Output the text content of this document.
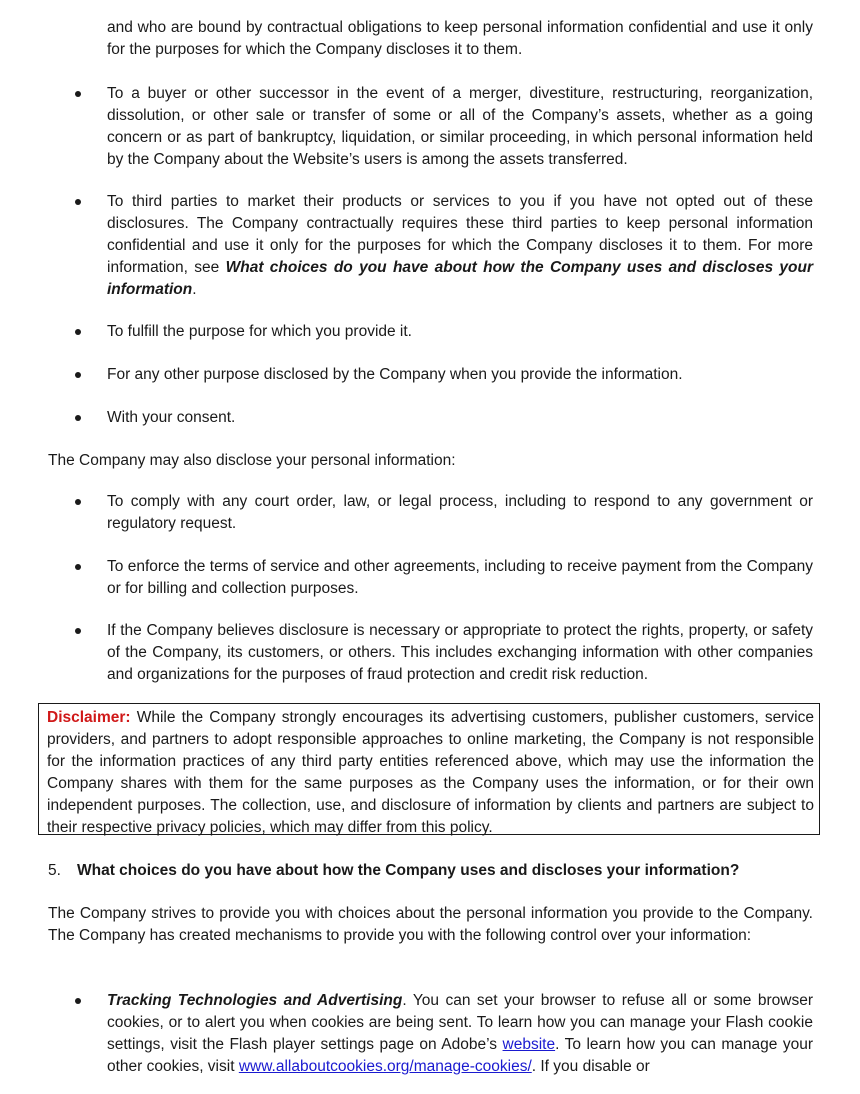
and who are bound by contractual obligations to keep personal information confidential and use it only for the purposes for which the Company discloses it to them.

To a buyer or other successor in the event of a merger, divestiture, restructuring, reorganization, dissolution, or other sale or transfer of some or all of the Company’s assets, whether as a going concern or as part of bankruptcy, liquidation, or similar proceeding, in which personal information held by the Company about the Website’s users is among the assets transferred.
To third parties to market their products or services to you if you have not opted out of these disclosures. The Company contractually requires these third parties to keep personal information confidential and use it only for the purposes for which the Company discloses it to them. For more information, see What choices do you have about how the Company uses and discloses your information.
To fulfill the purpose for which you provide it.
For any other purpose disclosed by the Company when you provide the information.
With your consent.

The Company may also disclose your personal information:

To comply with any court order, law, or legal process, including to respond to any government or regulatory request.
To enforce the terms of service and other agreements, including to receive payment from the Company or for billing and collection purposes.
If the Company believes disclosure is necessary or appropriate to protect the rights, property, or safety of the Company, its customers, or others. This includes exchanging information with other companies and organizations for the purposes of fraud protection and credit risk reduction.

Disclaimer: While the Company strongly encourages its advertising customers, publisher customers, service providers, and partners to adopt responsible approaches to online marketing, the Company is not responsible for the information practices of any third party entities referenced above, which may use the information the Company shares with them for the same purposes as the Company uses the information, or for their own independent purposes. The collection, use, and disclosure of information by clients and partners are subject to their respective privacy policies, which may differ from this policy.

5. What choices do you have about how the Company uses and discloses your information?

The Company strives to provide you with choices about the personal information you provide to the Company. The Company has created mechanisms to provide you with the following control over your information:

Tracking Technologies and Advertising. You can set your browser to refuse all or some browser cookies, or to alert you when cookies are being sent. To learn how you can manage your Flash cookie settings, visit the Flash player settings page on Adobe’s website. To learn how you can manage your other cookies, visit www.allaboutcookies.org/manage-cookies/. If you disable or
